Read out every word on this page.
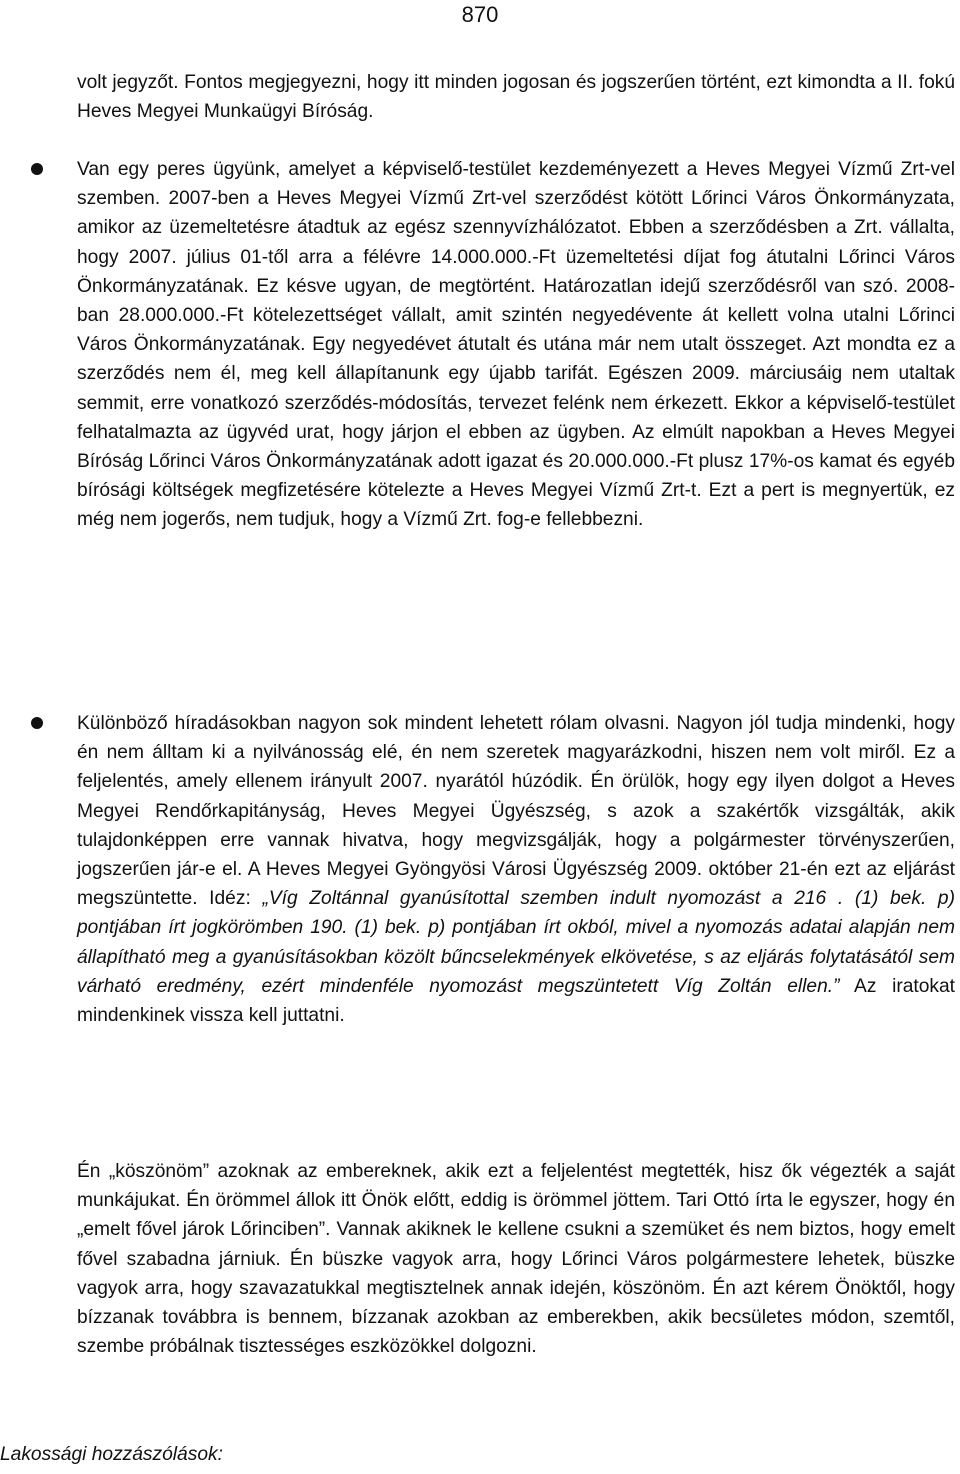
870

volt jegyzőt. Fontos megjegyezni, hogy itt minden jogosan és jogszerűen történt, ezt kimondta a II. fokú Heves Megyei Munkaügyi Bíróság.

Van egy peres ügyünk, amelyet a képviselő-testület kezdeményezett a Heves Megyei Vízmű Zrt-vel szemben. 2007-ben a Heves Megyei Vízmű Zrt-vel szerződést kötött Lőrinci Város Önkormányzata, amikor az üzemeltetésre átadtuk az egész szennyvízhálózatot. Ebben a szerződésben a Zrt. vállalta, hogy 2007. július 01-től arra a félévre 14.000.000.-Ft üzemeltetési díjat fog átutalni Lőrinci Város Önkormányzatának. Ez késve ugyan, de megtörtént. Határozatlan idejű szerződésről van szó. 2008-ban 28.000.000.-Ft kötelezettséget vállalt, amit szintén negyedévente át kellett volna utalni Lőrinci Város Önkormányzatának. Egy negyedévet átutalt és utána már nem utalt összeget. Azt mondta ez a szerződés nem él, meg kell állapítanunk egy újabb tarifát. Egészen 2009. márciusáig nem utaltak semmit, erre vonatkozó szerződés-módosítás, tervezet felénk nem érkezett. Ekkor a képviselő-testület felhatalmazta az ügyvéd urat, hogy járjon el ebben az ügyben. Az elmúlt napokban a Heves Megyei Bíróság Lőrinci Város Önkormányzatának adott igazat és 20.000.000.-Ft plusz 17%-os kamat és egyéb bírósági költségek megfizetésére kötelezte a Heves Megyei Vízmű Zrt-t. Ezt a pert is megnyertük, ez még nem jogerős, nem tudjuk, hogy a Vízmű Zrt. fog-e fellebbezni.

Különböző híradásokban nagyon sok mindent lehetett rólam olvasni. Nagyon jól tudja mindenki, hogy én nem álltam ki a nyilvánosság elé, én nem szeretek magyarázkodni, hiszen nem volt miről. Ez a feljelentés, amely ellenem irányult 2007. nyarától húzódik. Én örülök, hogy egy ilyen dolgot a Heves Megyei Rendőrkapitányság, Heves Megyei Ügyészség, s azok a szakértők vizsgálták, akik tulajdonképpen erre vannak hivatva, hogy megvizsgálják, hogy a polgármester törvényszerűen, jogszerűen jár-e el. A Heves Megyei Gyöngyösi Városi Ügyészség 2009. október 21-én ezt az eljárást megszüntette. Idéz: „Víg Zoltánnal gyanúsítottal szemben indult nyomozást a 216 . (1) bek. p) pontjában írt jogkörömben 190. (1) bek. p) pontjában írt okból, mivel a nyomozás adatai alapján nem állapítható meg a gyanúsításokban közölt bűncselekmények elkövetése, s az eljárás folytatásától sem várható eredmény, ezért mindenféle nyomozást megszüntetett Víg Zoltán ellen.” Az iratokat mindenkinek vissza kell juttatni.

Én „köszönöm” azoknak az embereknek, akik ezt a feljelentést megtették, hisz ők végezték a saját munkájukat. Én örömmel állok itt Önök előtt, eddig is örömmel jöttem. Tari Ottó írta le egyszer, hogy én „emelt fővel járok Lőrinciben”. Vannak akiknek le kellene csukni a szemüket és nem biztos, hogy emelt fővel szabadna járniuk. Én büszke vagyok arra, hogy Lőrinci Város polgármestere lehetek, büszke vagyok arra, hogy szavazatukkal megtisztelnek annak idején, köszönöm. Én azt kérem Önöktől, hogy bízzanak továbbra is bennem, bízzanak azokban az emberekben, akik becsületes módon, szemtől, szembe próbálnak tisztességes eszközökkel dolgozni.

Lakossági hozzászólások:
